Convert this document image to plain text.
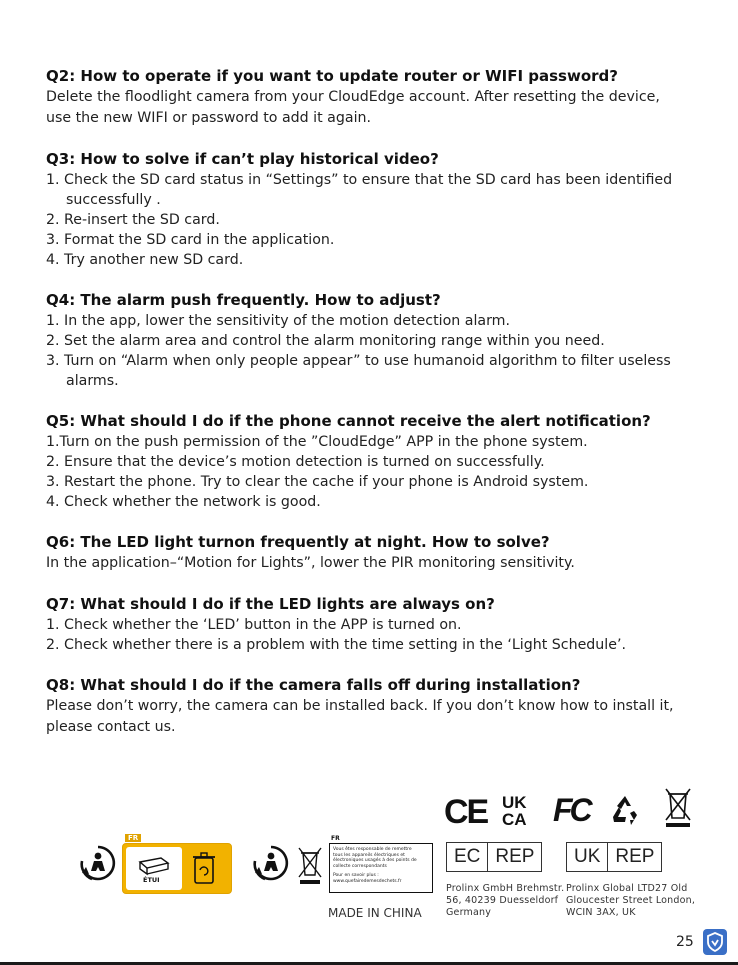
Q2: How to operate if you want to update router or WIFI password?

Delete the floodlight camera from your CloudEdge account. After resetting the device,

use the new WIFI or password to add it again.

Q3: How to solve if can’t play historical video?
1. Check the SD card status in “Settings” to ensure that the SD card has been identified successfully .
2. Re-insert the SD card.
3. Format the SD card in the application.
4. Try another new SD card.
Q4: The alarm push frequently. How to adjust?
1. In the app, lower the sensitivity of the motion detection alarm.
2. Set the alarm area and control the alarm monitoring range within you need.
3. Turn on “Alarm when only people appear” to use humanoid algorithm to filter useless alarms.
Q5: What should I do if the phone cannot receive the alert notification?
1.Turn on the push permission of the ”CloudEdge” APP in the phone system.
2. Ensure that the device’s motion detection is turned on successfully.
3. Restart the phone. Try to clear the cache if your phone is Android system.
4. Check whether the network is good.
Q6: The LED light turnon frequently at night. How to solve?

In the application–“Motion for Lights”, lower the PIR monitoring sensitivity.

Q7: What should I do if the LED lights are always on?
1. Check whether the ‘LED’ button in the APP is turned on.
2. Check whether there is a problem with the time setting in the ‘Light Schedule’.
Q8: What should I do if the camera falls off during installation?

Please don’t worry, the camera can be installed back. If you don’t know how to install it,

please contact us.

CE UK
CA FC
FR
ÉTUI
FR
Vous êtes responsable de remettre
tous les appareils électriques et
électroniques usagés à des points de
collecte correspondants
Pour en savoir plus :
www.quefairedemesdechets.fr
EC REP	UK REP
Prolinx GmbH Brehmstr.
56, 40239 Duesseldorf
Germany
Prolinx Global LTD27 Old
Gloucester Street London,
WCIN 3AX, UK
MADE IN CHINA
25
